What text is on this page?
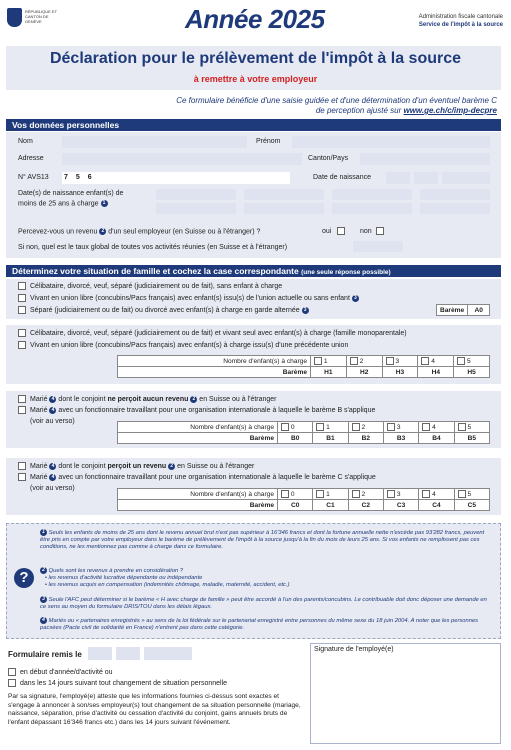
RÉPUBLIQUE ET CANTON DE GENÈVE	Année 2025	Administration fiscale cantonale
Service de l'impôt à la source
Déclaration pour le prélèvement de l'impôt à la source
à remettre à votre employeur
Ce formulaire bénéficie d'une saisie guidée et d'une détermination d'un éventuel barème C
de perception ajusté sur www.ge.ch/c/imp-decpre
Vos données personnelles
Nom	Prénom
Adresse	Canton/Pays
N° AVS13 7 5 6	Date de naissance
Date(s) de naissance enfant(s) de
moins de 25 ans à charge 1
Percevez-vous un revenu 2 d'un seul employeur (en Suisse ou à l'étranger) ?	oui	non
Si non, quel est le taux global de toutes vos activités réunies (en Suisse et à l'étranger)
Déterminez votre situation de famille et cochez la case correspondante (une seule réponse possible)
Célibataire, divorcé, veuf, séparé (judiciairement ou de fait), sans enfant à charge
Vivant en union libre (concubins/Pacs français) avec enfant(s) issu(s) de l'union actuelle ou sans enfant 3
Séparé (judiciairement ou de fait) ou divorcé avec enfant(s) à charge en garde alternée 3	Barème	A0
Célibataire, divorcé, veuf, séparé (judiciairement ou de fait) et vivant seul avec enfant(s) à charge (famille monoparentale)
Vivant en union libre (concubins/Pacs français) avec enfant(s) à charge issu(s) d'une précédente union
Nombre d'enfant(s) à charge	1	2	3	4	5
Barème	H1	H2	H3	H4	H5
Marié 4 dont le conjoint ne perçoit aucun revenu 2 en Suisse ou à l'étranger
Marié 4 avec un fonctionnaire travaillant pour une organisation internationale à laquelle le barème B s'applique
(voir au verso)
Nombre d'enfant(s) à charge	0	1	2	3	4	5
Barème	B0	B1	B2	B3	B4	B5
Marié 4 dont le conjoint perçoit un revenu 2 en Suisse ou à l'étranger
Marié 4 avec un fonctionnaire travaillant pour une organisation internationale à laquelle le barème C s'applique
(voir au verso)
Nombre d'enfant(s) à charge	0	1	2	3	4	5
Barème	C0	C1	C2	C3	C4	C5
?
1 Seuls les enfants de moins de 25 ans dont le revenu annuel brut n'est pas supérieur à 16'346 francs et dont la fortune annuelle nette n'excède pas 93'282 francs, peuvent être pris en compte par votre employeur dans le barème de prélèvement de l'impôt à la source jusqu'à la fin du mois de leurs 25 ans. Si vos enfants ne remplissent pas ces conditions, ne les mentionnez pas comme à charge dans ce formulaire.
2 Quels sont les revenus à prendre en considération ?
• les revenus d'activité lucrative dépendante ou indépendante
• les revenus acquis en compensation (indemnités chômage, maladie, maternité, accident, etc.)
3 Seule l'AFC peut déterminer si le barème « H avec charge de famille » peut être accordé à l'un des parents/concubins. Le contribuable doit donc déposer une demande en ce sens au moyen du formulaire DRIS/TOU dans les délais légaux.
4 Mariés ou « partenaires enregistrés » au sens de la loi fédérale sur le partenariat enregistré entre personnes du même sexe du 18 juin 2004. A noter que les personnes pacsées (Pacte civil de solidarité en France) n'entrent pas dans cette catégorie.
Formulaire remis le
en début d'année/d'activité ou
dans les 14 jours suivant tout changement de situation personnelle
Par sa signature, l'employé(e) atteste que les informations fournies ci-dessus sont exactes et s'engage à annoncer à son/ses employeur(s) tout changement de sa situation personnelle (mariage, naissance, séparation, prise d'activité ou cessation d'activité du conjoint, gains annuels bruts de l'enfant dépassant 16'346 francs etc.) dans les 14 jours suivant l'événement.
Signature de l'employé(e)
